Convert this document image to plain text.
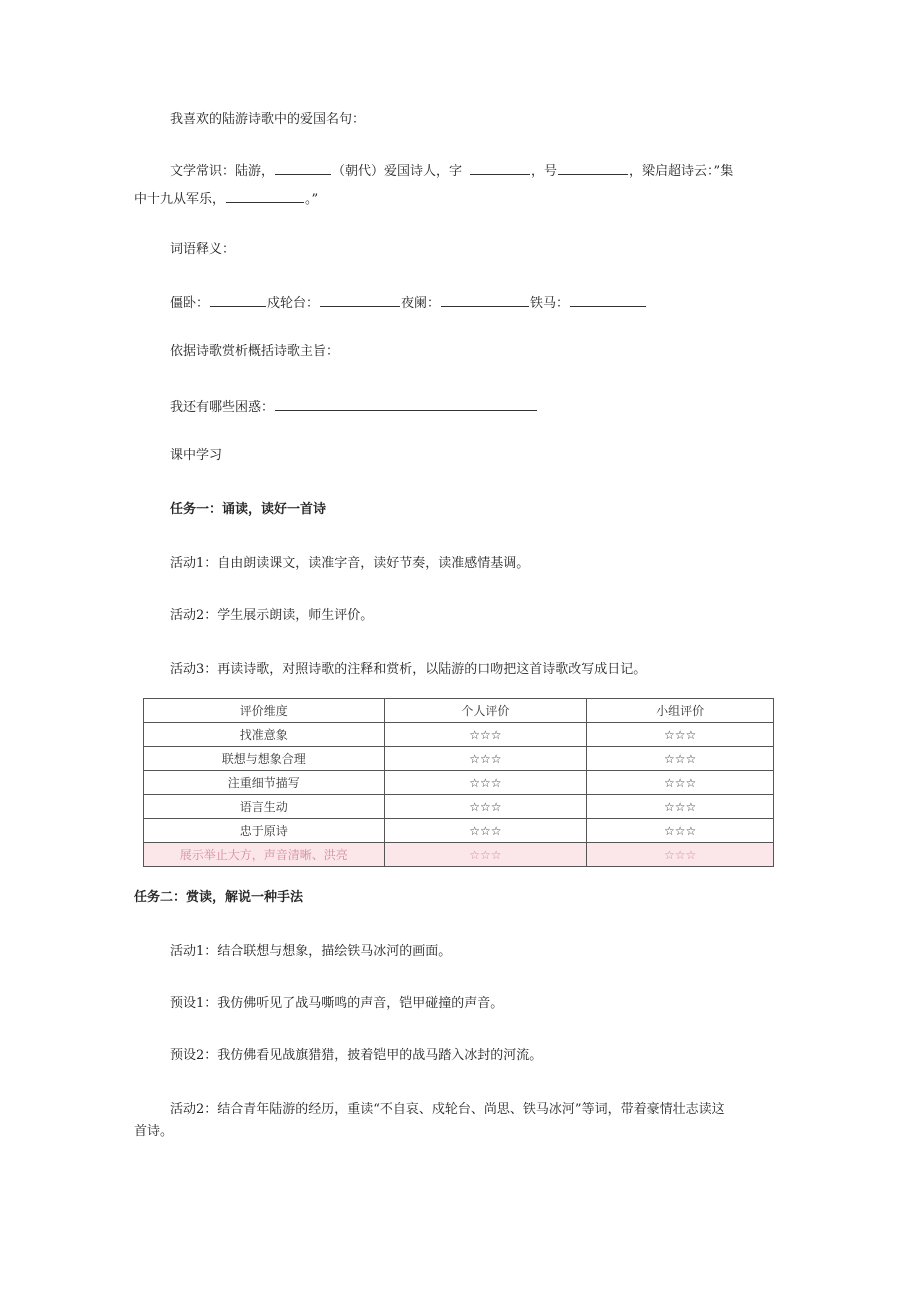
我喜欢的陆游诗歌中的爱国名句：
文学常识：陆游，	（朝代）爱国诗人，字	，号	，梁启超诗云：”集
中十九从军乐，	。”
词语释义：
僵卧：	戍轮台：	夜阑：	铁马：
依据诗歌赏析概括诗歌主旨：
我还有哪些困惑：
课中学习
任务一：诵读，读好一首诗
活动1：自由朗读课文，读准字音，读好节奏，读准感情基调。
活动2：学生展示朗读，师生评价。
活动3：再读诗歌，对照诗歌的注释和赏析，以陆游的口吻把这首诗歌改写成日记。
评价维度	个人评价	小组评价
找准意象	☆☆☆	☆☆☆
联想与想象合理	☆☆☆	☆☆☆
注重细节描写	☆☆☆	☆☆☆
语言生动	☆☆☆	☆☆☆
忠于原诗	☆☆☆	☆☆☆
展示举止大方，声音清晰、洪亮	☆☆☆	☆☆☆
任务二：赏读，解说一种手法
活动1：结合联想与想象，描绘铁马冰河的画面。
预设1：我仿佛听见了战马嘶鸣的声音，铠甲碰撞的声音。
预设2：我仿佛看见战旗猎猎，披着铠甲的战马踏入冰封的河流。
活动2：结合青年陆游的经历，重读“不自哀、戍轮台、尚思、铁马冰河”等词，带着豪情壮志读这
首诗。
